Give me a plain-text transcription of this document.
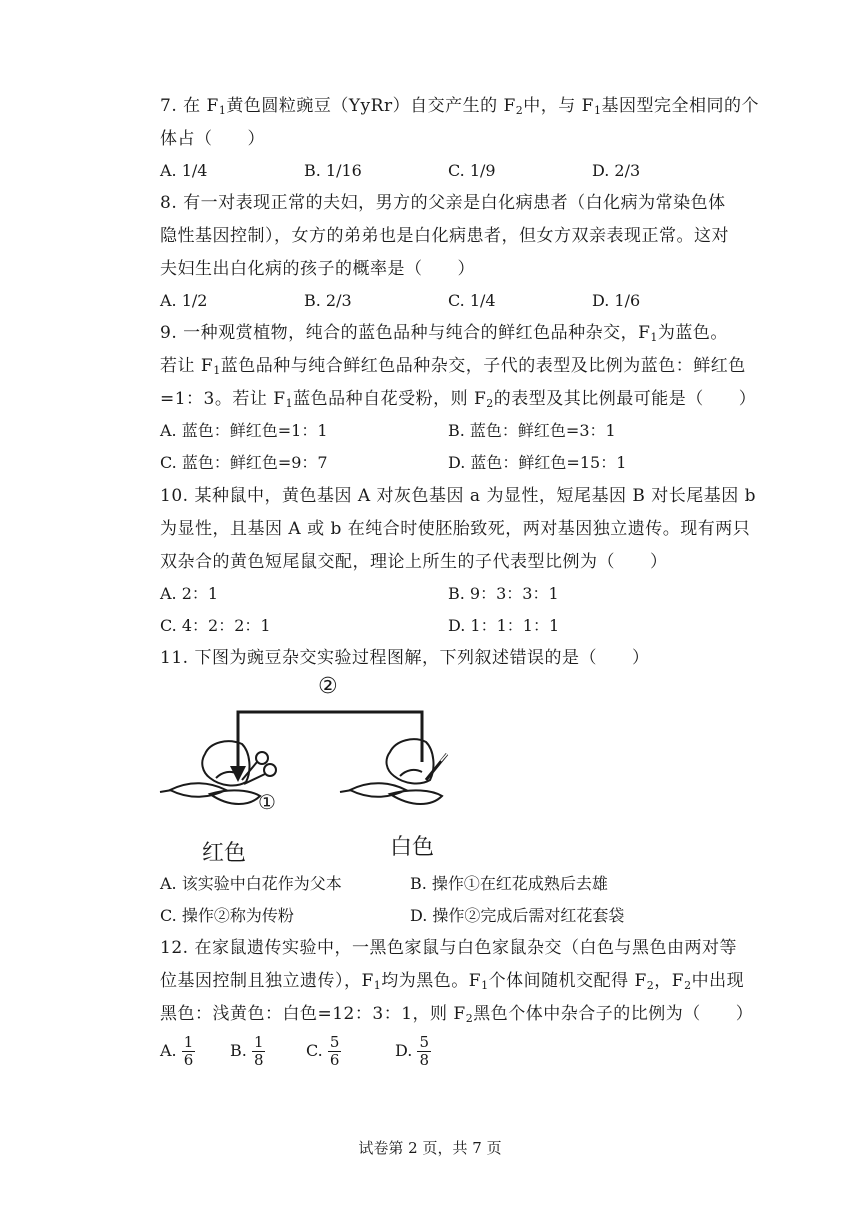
7. 在 F1黄色圆粒豌豆（YyRr）自交产生的 F2中，与 F1基因型完全相同的个
体占（　　）
A. 1/4	B. 1/16	C. 1/9	D. 2/3
8. 有一对表现正常的夫妇，男方的父亲是白化病患者（白化病为常染色体
隐性基因控制），女方的弟弟也是白化病患者，但女方双亲表现正常。这对
夫妇生出白化病的孩子的概率是（　　）
A. 1/2	B. 2/3	C. 1/4	D. 1/6
9. 一种观赏植物，纯合的蓝色品种与纯合的鲜红色品种杂交，F1为蓝色。
若让 F1蓝色品种与纯合鲜红色品种杂交，子代的表型及比例为蓝色：鲜红色
=1：3。若让 F1蓝色品种自花受粉，则 F2的表型及其比例最可能是（　　）
A. 蓝色：鲜红色=1：1	B. 蓝色：鲜红色=3：1
C. 蓝色：鲜红色=9：7	D. 蓝色：鲜红色=15：1
10. 某种鼠中，黄色基因 A 对灰色基因 a 为显性，短尾基因 B 对长尾基因 b
为显性，且基因 A 或 b 在纯合时使胚胎致死，两对基因独立遗传。现有两只
双杂合的黄色短尾鼠交配，理论上所生的子代表型比例为（　　）
A. 2：1	B. 9：3：3：1
C. 4：2：2：1	D. 1：1：1：1
11. 下图为豌豆杂交实验过程图解，下列叙述错误的是（　　）
②
①
红色	白色
A. 该实验中白花作为父本	B. 操作①在红花成熟后去雄
C. 操作②称为传粉	D. 操作②完成后需对红花套袋
12. 在家鼠遗传实验中，一黑色家鼠与白色家鼠杂交（白色与黑色由两对等
位基因控制且独立遗传），F1均为黑色。F1个体间随机交配得 F2，F2中出现
黑色：浅黄色：白色=12：3：1，则 F2黑色个体中杂合子的比例为（　　）
A. $\frac{1}{6} B$. $\frac{1}{8}$	C. $\frac{5}{6}$	D. $\frac{5}{8}$
试卷第 2 页，共 7 页
